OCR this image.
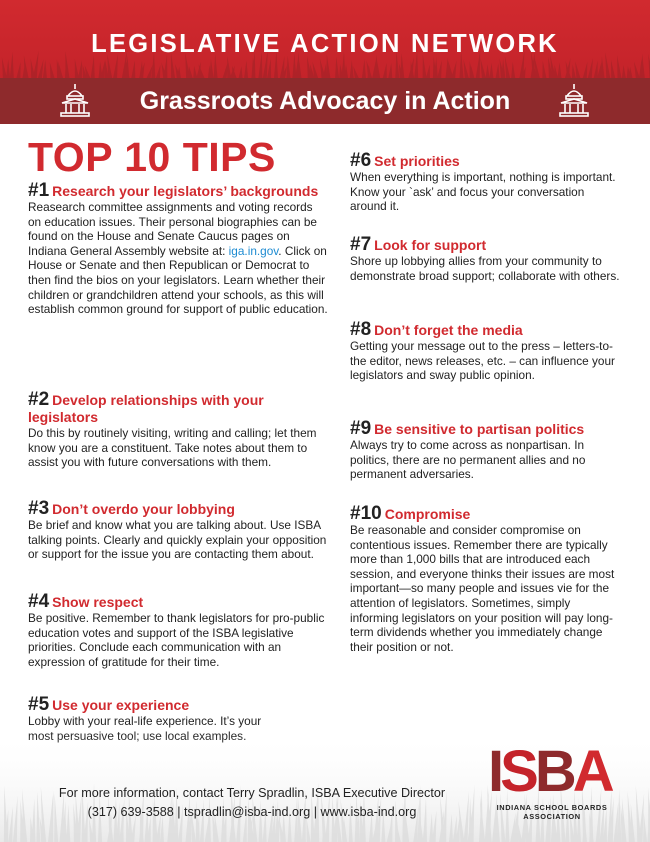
LEGISLATIVE ACTION NETWORK
Grassroots Advocacy in Action
TOP 10 TIPS
#1 Research your legislators’ backgrounds

Reasearch committee assignments and voting records on education issues. Their personal biographies can be found on the House and Senate Caucus pages on Indiana General Assembly website at: iga.in.gov. Click on House or Senate and then Republican or Democrat to then find the bios on your legislators. Learn whether their children or grandchildren attend your schools, as this will establish common ground for support of public education.

#2 Develop relationships with your legislators

Do this by routinely visiting, writing and calling; let them know you are a constituent. Take notes about them to assist you with future conversations with them.

#3 Don’t overdo your lobbying

Be brief and know what you are talking about. Use ISBA talking points. Clearly and quickly explain your opposition or support for the issue you are contacting them about.

#4 Show respect

Be positive. Remember to thank legislators for pro-public education votes and support of the ISBA legislative priorities. Conclude each communication with an expression of gratitude for their time.

#5 Use your experience

Lobby with your real-life experience. It’s your

#6 Set priorities

When everything is important, nothing is important. Know your `ask’ and focus your conversation around it.

#7 Look for support

Shore up lobbying allies from your community to demonstrate broad support; collaborate with others.

#8 Don’t forget the media

Getting your message out to the press – letters-to-the editor, news releases, etc. – can influence your legislators and sway public opinion.

#9 Be sensitive to partisan politics

Always try to come across as nonpartisan. In politics, there are no permanent allies and no permanent adversaries.

#10 Compromise

Be reasonable and consider compromise on contentious issues. Remember there are typically more than 1,000 bills that are introduced each session, and everyone thinks their issues are most important—so many people and issues vie for the attention of legislators. Sometimes, simply informing legislators on your position will pay long-term dividends whether you immediately change their position or not.

For more information, contact Terry Spradlin, ISBA Executive Director
(317) 639-3588 | tspradlin@isba-ind.org | www.isba-ind.org
ISBA
INDIANA SCHOOL BOARDS
ASSOCIATION
